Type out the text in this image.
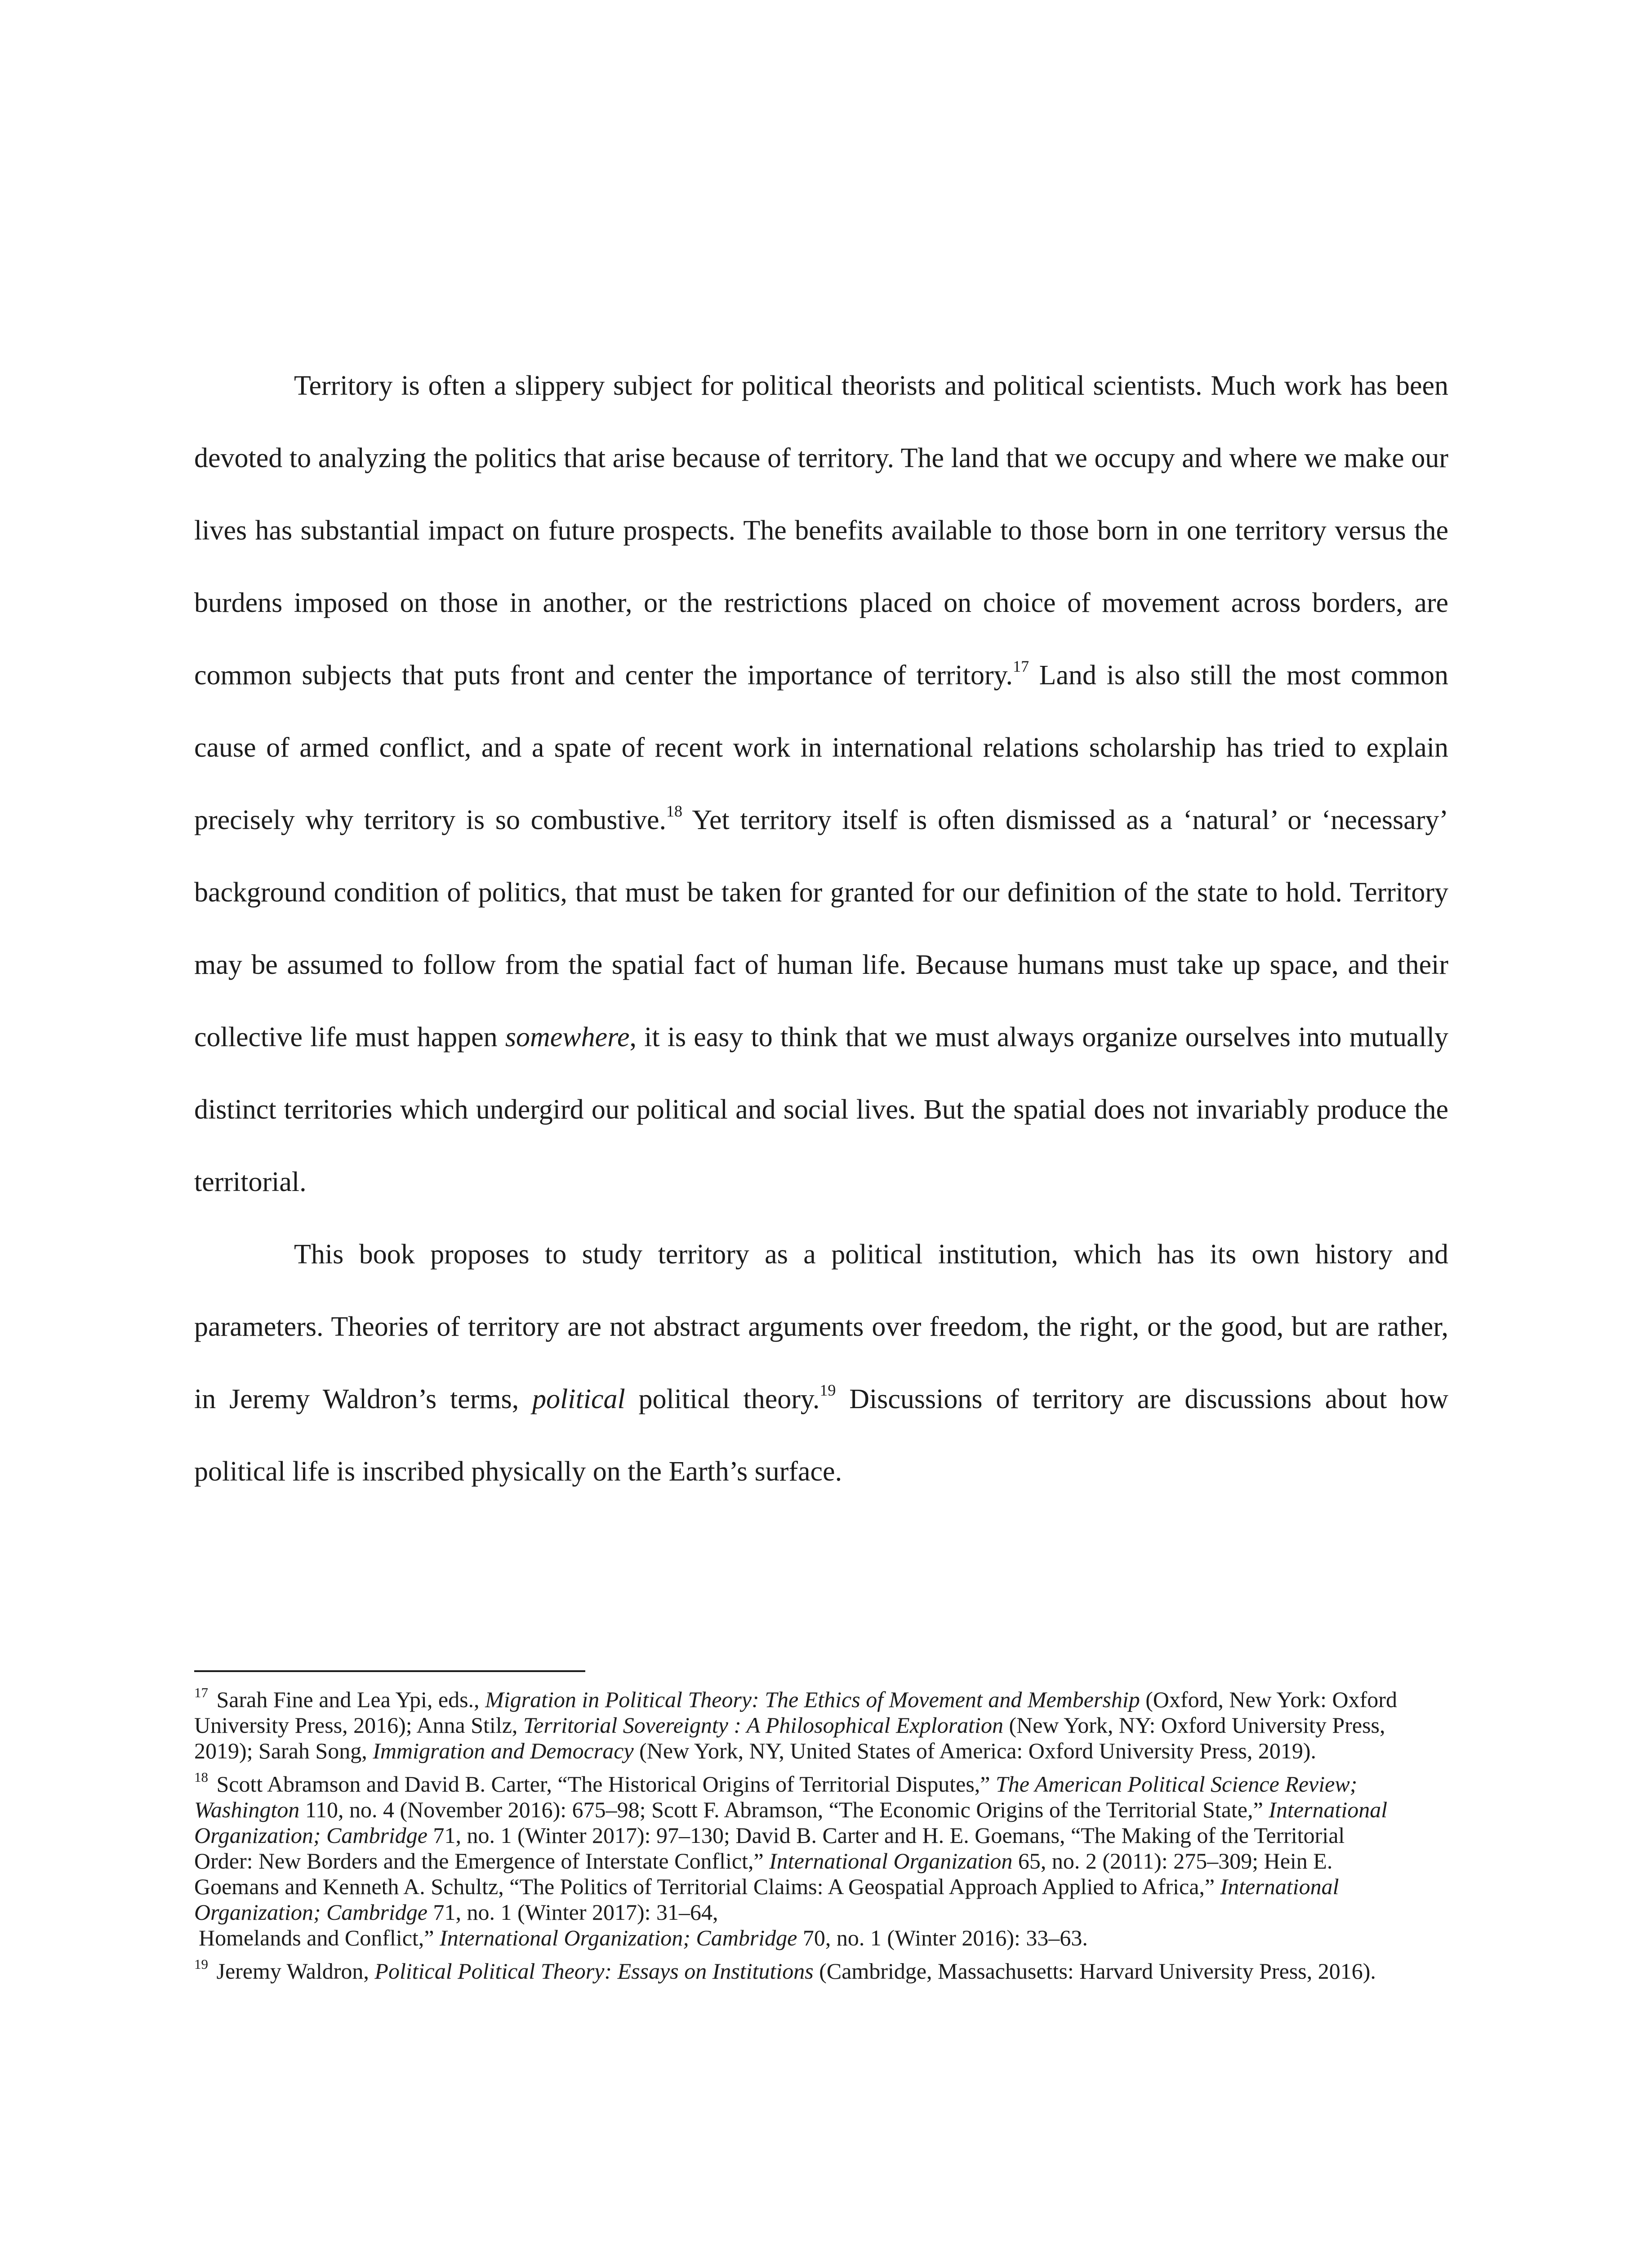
Territory is often a slippery subject for political theorists and political scientists. Much work has been devoted to analyzing the politics that arise because of territory. The land that we occupy and where we make our lives has substantial impact on future prospects. The benefits available to those born in one territory versus the burdens imposed on those in another, or the restrictions placed on choice of movement across borders, are common subjects that puts front and center the importance of territory.$^{17}$ Land is also still the most common cause of armed conflict, and a spate of recent work in international relations scholarship has tried to explain precisely why territory is so combustive.$^{18}$ Yet territory itself is often dismissed as a ‘natural’ or ‘necessary’ background condition of politics, that must be taken for granted for our definition of the state to hold. Territory may be assumed to follow from the spatial fact of human life. Because humans must take up space, and their collective life must happen somewhere, it is easy to think that we must always organize ourselves into mutually distinct territories which undergird our political and social lives. But the spatial does not invariably produce the territorial.

This book proposes to study territory as a political institution, which has its own history and parameters. Theories of territory are not abstract arguments over freedom, the right, or the good, but are rather, in Jeremy Waldron’s terms, political political theory.$^{19}$ Discussions of territory are discussions about how political life is inscribed physically on the Earth’s surface.

$^{17}$ Sarah Fine and Lea Ypi, eds., Migration in Political Theory: The Ethics of Movement and Membership (Oxford, New York: Oxford University Press, 2016); Anna Stilz, Territorial Sovereignty : A Philosophical Exploration (New York, NY: Oxford University Press, 2019); Sarah Song, Immigration and Democracy (New York, NY, United States of America: Oxford University Press, 2019).

$^{18}$ Scott Abramson and David B. Carter, “The Historical Origins of Territorial Disputes,” The American Political Science Review; Washington 110, no. 4 (November 2016): 675–98; Scott F. Abramson, “The Economic Origins of the Territorial State,” International Organization; Cambridge 71, no. 1 (Winter 2017): 97–130; David B. Carter and H. E. Goemans, “The Making of the Territorial Order: New Borders and the Emergence of Interstate Conflict,” International Organization 65, no. 2 (2011): 275–309; Hein E. Goemans and Kenneth A. Schultz, “The Politics of Territorial Claims: A Geospatial Approach Applied to Africa,” International Organization; Cambridge 71, no. 1 (Winter 2017): 31–64,
Homelands and Conflict,” International Organization; Cambridge 70, no. 1 (Winter 2016): 33–63.

$^{19}$ Jeremy Waldron, Political Political Theory: Essays on Institutions (Cambridge, Massachusetts: Harvard University Press, 2016).
